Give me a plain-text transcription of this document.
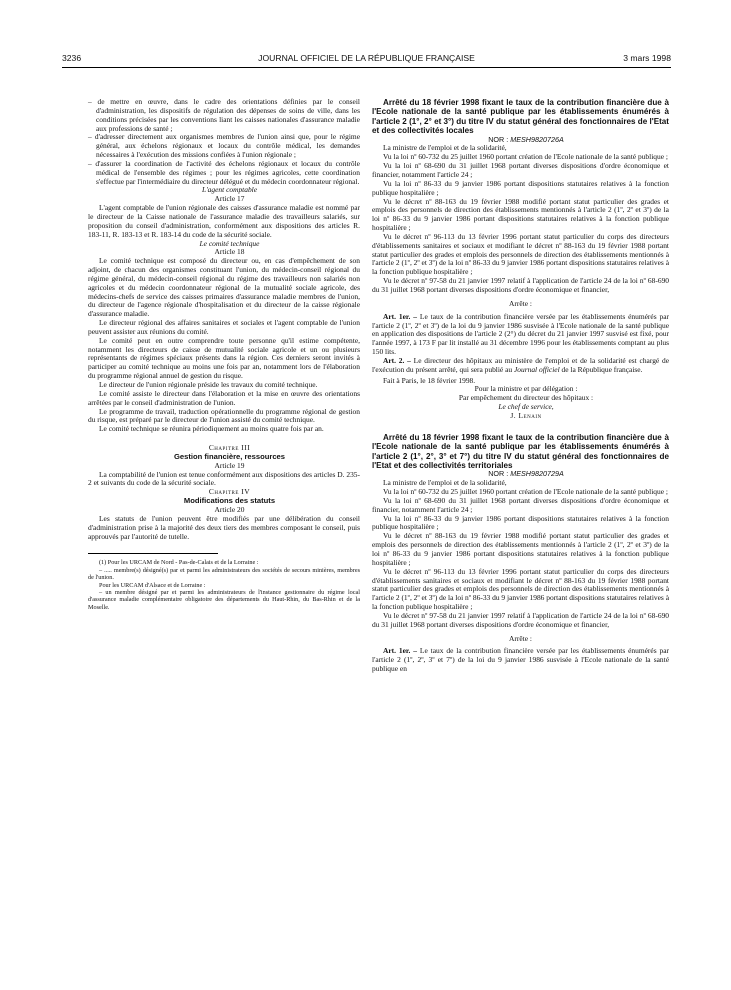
3236	JOURNAL OFFICIEL DE LA RÉPUBLIQUE FRANÇAISE	3 mars 1998

– de mettre en œuvre, dans le cadre des orientations définies par le conseil d'administration, les dispositifs de régulation des dépenses de soins de ville, dans les conditions précisées par les conventions liant les caisses nationales d'assurance maladie aux professions de santé ;

– d'adresser directement aux organismes membres de l'union ainsi que, pour le régime général, aux échelons régionaux et locaux du contrôle médical, les demandes nécessaires à l'exécution des missions confiées à l'union régionale ;

– d'assurer la coordination de l'activité des échelons régionaux et locaux du contrôle médical de l'ensemble des régimes ; pour les régimes agricoles, cette coordination s'effectue par l'intermédiaire du directeur délégué et du médecin coordonnateur régional.

L'agent comptable

Article 17

L'agent comptable de l'union régionale des caisses d'assurance maladie est nommé par le directeur de la Caisse nationale de l'assurance maladie des travailleurs salariés, sur proposition du conseil d'administration, conformément aux dispositions des articles R. 183-11, R. 183-13 et R. 183-14 du code de la sécurité sociale.

Le comité technique

Article 18

Le comité technique est composé du directeur ou, en cas d'empêchement de son adjoint, de chacun des organismes constituant l'union, du médecin-conseil régional du régime général, du médecin-conseil régional du régime des travailleurs non salariés non agricoles et du médecin coordonnateur régional de la mutualité sociale agricole, des médecins-chefs de service des caisses primaires d'assurance maladie membres de l'union, du directeur de l'agence régionale d'hospitalisation et du directeur de la caisse régionale d'assurance maladie.

Le directeur régional des affaires sanitaires et sociales et l'agent comptable de l'union peuvent assister aux réunions du comité.

Le comité peut en outre comprendre toute personne qu'il estime compétente, notamment les directeurs de caisse de mutualité sociale agricole et un ou plusieurs représentants de régimes spéciaux présents dans la région. Ces derniers seront invités à participer au comité technique au moins une fois par an, notamment lors de l'élaboration du programme régional annuel de gestion du risque.

Le directeur de l'union régionale préside les travaux du comité technique.

Le comité assiste le directeur dans l'élaboration et la mise en œuvre des orientations arrêtées par le conseil d'administration de l'union.

Le programme de travail, traduction opérationnelle du programme régional de gestion du risque, est préparé par le directeur de l'union assisté du comité technique.

Le comité technique se réunira périodiquement au moins quatre fois par an.

Chapitre III

Gestion financière, ressources

Article 19

La comptabilité de l'union est tenue conformément aux dispositions des articles D. 235-2 et suivants du code de la sécurité sociale.

Chapitre IV

Modifications des statuts

Article 20

Les statuts de l'union peuvent être modifiés par une délibération du conseil d'administration prise à la majorité des deux tiers des membres composant le conseil, puis approuvés par l'autorité de tutelle.

(1) Pour les URCAM de Nord - Pas-de-Calais et de la Lorraine :

– ..... membre(s) désigné(s) par et parmi les administrateurs des sociétés de secours minières, membres de l'union.

Pour les URCAM d'Alsace et de Lorraine :

– un membre désigné par et parmi les administrateurs de l'instance gestionnaire du régime local d'assurance maladie complémentaire obligatoire des départements du Haut-Rhin, du Bas-Rhin et de la Moselle.

Arrêté du 18 février 1998 fixant le taux de la contribution financière due à l'Ecole nationale de la santé publique par les établissements énumérés à l'article 2 (1°, 2° et 3°) du titre IV du statut général des fonctionnaires de l'Etat et des collectivités locales

NOR : MESH9820726A

La ministre de l'emploi et de la solidarité,

Vu la loi nº 60-732 du 25 juillet 1960 portant création de l'Ecole nationale de la santé publique ;

Vu la loi nº 68-690 du 31 juillet 1968 portant diverses dispositions d'ordre économique et financier, notamment l'article 24 ;

Vu la loi nº 86-33 du 9 janvier 1986 portant dispositions statutaires relatives à la fonction publique hospitalière ;

Vu le décret nº 88-163 du 19 février 1988 modifié portant statut particulier des grades et emplois des personnels de direction des établissements mentionnés à l'article 2 (1º, 2º et 3º) de la loi nº 86-33 du 9 janvier 1986 portant dispositions statutaires relatives à la fonction publique hospitalière ;

Vu le décret nº 96-113 du 13 février 1996 portant statut particulier du corps des directeurs d'établissements sanitaires et sociaux et modifiant le décret nº 88-163 du 19 février 1988 portant statut particulier des grades et emplois des personnels de direction des établissements mentionnés à l'article 2 (1º, 2º et 3º) de la loi nº 86-33 du 9 janvier 1986 portant dispositions statutaires relatives à la fonction publique hospitalière ;

Vu le décret nº 97-58 du 21 janvier 1997 relatif à l'application de l'article 24 de la loi nº 68-690 du 31 juillet 1968 portant diverses dispositions d'ordre économique et financier,

Arrête :

Art. 1er. – Le taux de la contribution financière versée par les établissements énumérés par l'article 2 (1º, 2º et 3º) de la loi du 9 janvier 1986 susvisée à l'Ecole nationale de la santé publique en application des dispositions de l'article 2 (2°) du décret du 21 janvier 1997 susvisé est fixé, pour l'année 1997, à 173 F par lit installé au 31 décembre 1996 pour les établissements comptant au plus 150 lits.

Art. 2. – Le directeur des hôpitaux au ministère de l'emploi et de la solidarité est chargé de l'exécution du présent arrêté, qui sera publié au Journal officiel de la République française.

Fait à Paris, le 18 février 1998.

Pour la ministre et par délégation :

Par empêchement du directeur des hôpitaux :

Le chef de service,

J. Lenain

Arrêté du 18 février 1998 fixant le taux de la contribution financière due à l'Ecole nationale de la santé publique par les établissements énumérés à l'article 2 (1°, 2°, 3° et 7°) du titre IV du statut général des fonctionnaires de l'Etat et des collectivités territoriales

NOR : MESH9820729A

La ministre de l'emploi et de la solidarité,

Vu la loi nº 60-732 du 25 juillet 1960 portant création de l'Ecole nationale de la santé publique ;

Vu la loi nº 68-690 du 31 juillet 1968 portant diverses dispositions d'ordre économique et financier, notamment l'article 24 ;

Vu la loi nº 86-33 du 9 janvier 1986 portant dispositions statutaires relatives à la fonction publique hospitalière ;

Vu le décret nº 88-163 du 19 février 1988 modifié portant statut particulier des grades et emplois des personnels de direction des établissements mentionnés à l'article 2 (1º, 2º et 3º) de la loi nº 86-33 du 9 janvier 1986 portant dispositions statutaires relatives à la fonction publique hospitalière ;

Vu le décret nº 96-113 du 13 février 1996 portant statut particulier du corps des directeurs d'établissements sanitaires et sociaux et modifiant le décret nº 88-163 du 19 février 1988 portant statut particulier des grades et emplois des personnels de direction des établissements mentionnés à l'article 2 (1º, 2º et 3º) de la loi nº 86-33 du 9 janvier 1986 portant dispositions statutaires relatives à la fonction publique hospitalière ;

Vu le décret nº 97-58 du 21 janvier 1997 relatif à l'application de l'article 24 de la loi nº 68-690 du 31 juillet 1968 portant diverses dispositions d'ordre économique et financier,

Arrête :

Art. 1er. – Le taux de la contribution financière versée par les établissements énumérés par l'article 2 (1º, 2º, 3º et 7º) de la loi du 9 janvier 1986 susvisée à l'Ecole nationale de la santé publique en
